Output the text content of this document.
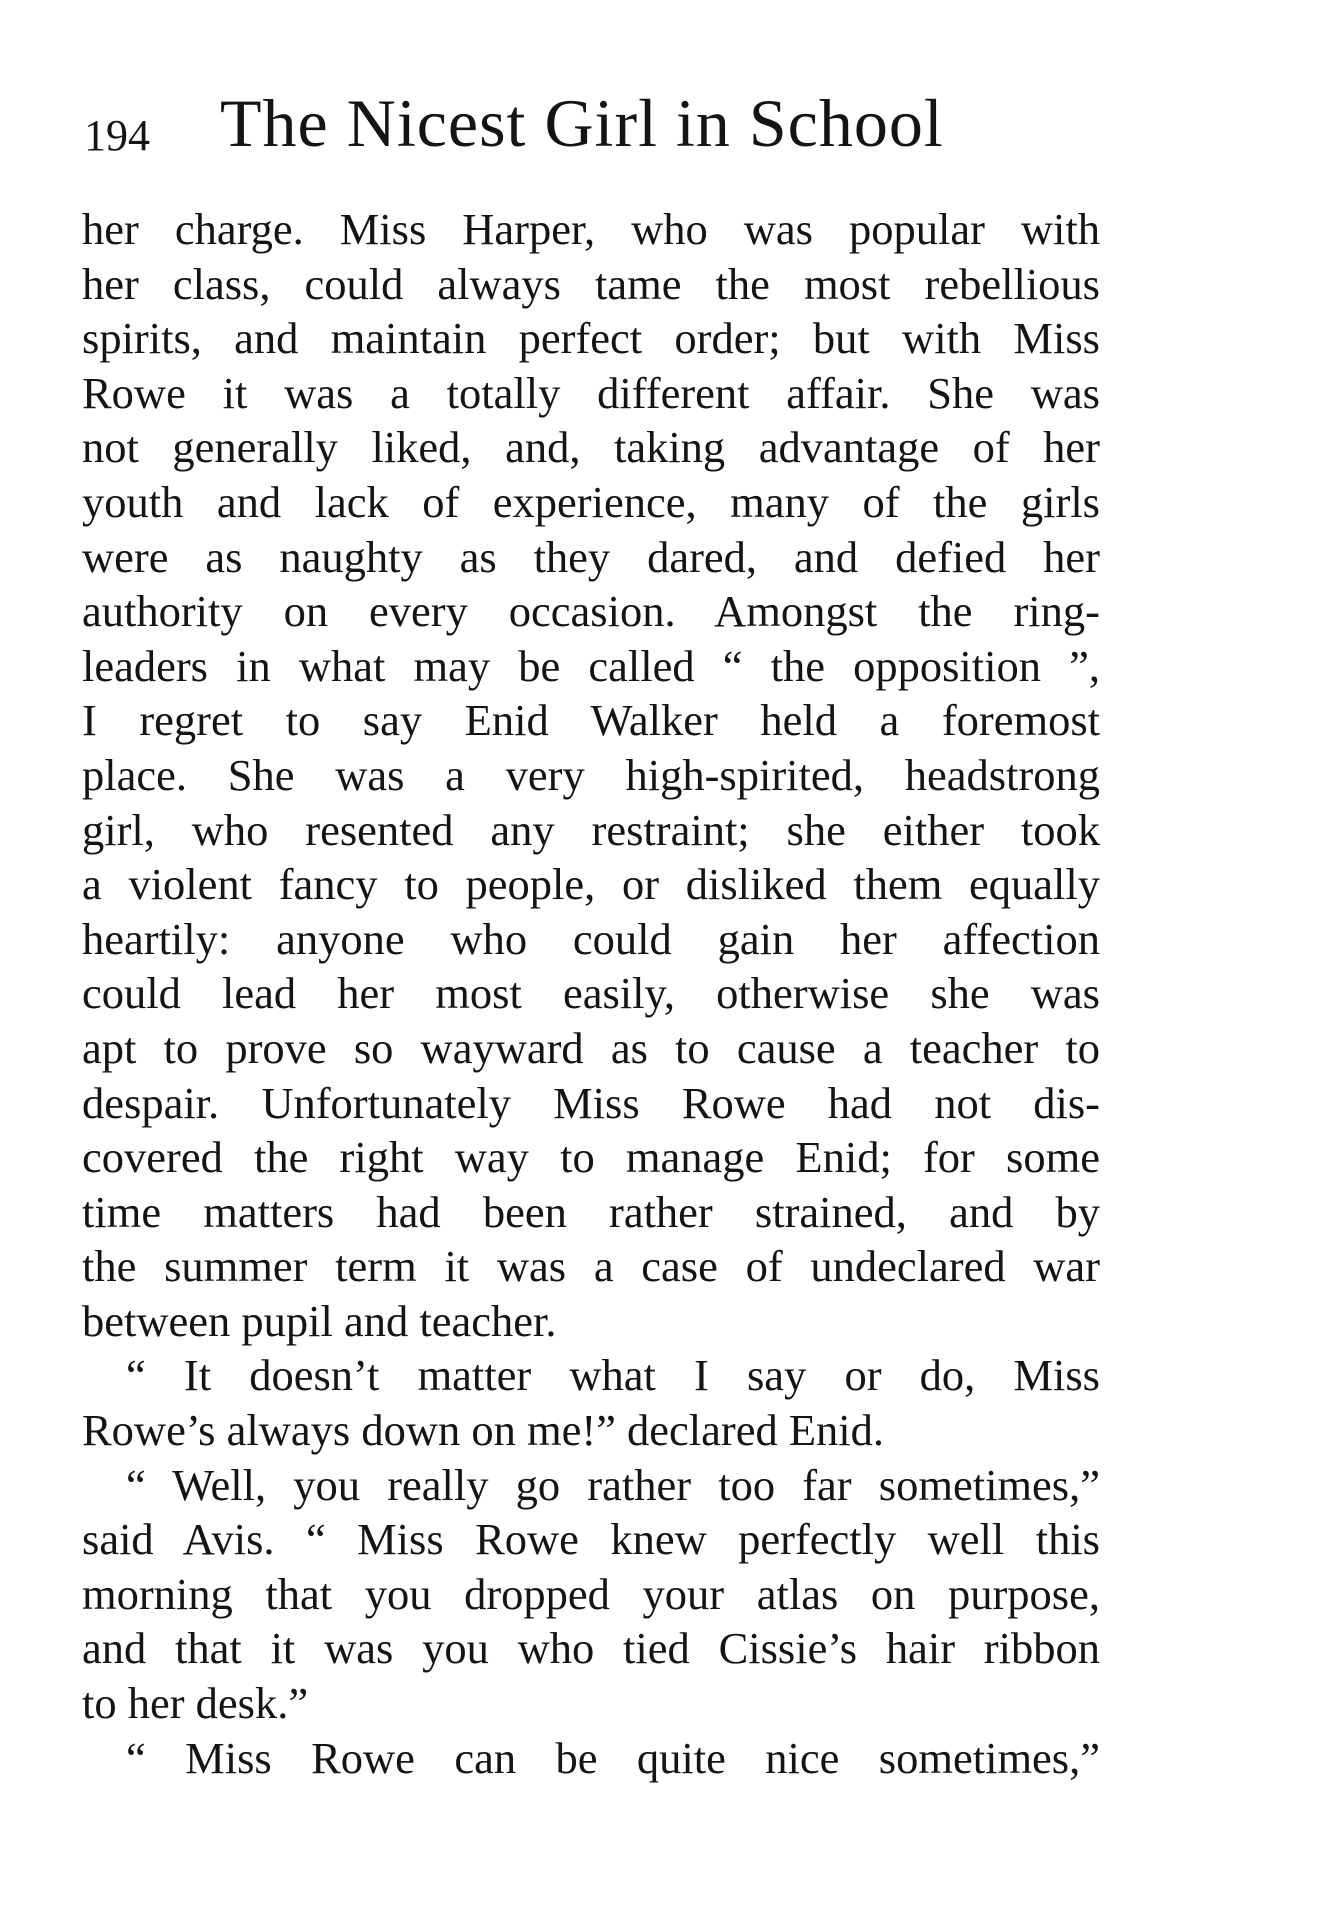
194 The Nicest Girl in School
her charge. Miss Harper, who was popular with
her class, could always tame the most rebellious
spirits, and maintain perfect order; but with Miss
Rowe it was a totally different affair. She was
not generally liked, and, taking advantage of her
youth and lack of experience, many of the girls
were as naughty as they dared, and defied her
authority on every occasion. Amongst the ring-
leaders in what may be called “ the opposition ”,
I regret to say Enid Walker held a foremost
place. She was a very high-spirited, headstrong
girl, who resented any restraint; she either took
a violent fancy to people, or disliked them equally
heartily: anyone who could gain her affection
could lead her most easily, otherwise she was
apt to prove so wayward as to cause a teacher to
despair. Unfortunately Miss Rowe had not dis-
covered the right way to manage Enid; for some
time matters had been rather strained, and by
the summer term it was a case of undeclared war
between pupil and teacher.
“ It doesn’t matter what I say or do, Miss
Rowe’s always down on me!” declared Enid.
“ Well, you really go rather too far sometimes,”
said Avis. “ Miss Rowe knew perfectly well this
morning that you dropped your atlas on purpose,
and that it was you who tied Cissie’s hair ribbon
to her desk.”
“ Miss Rowe can be quite nice sometimes,”
